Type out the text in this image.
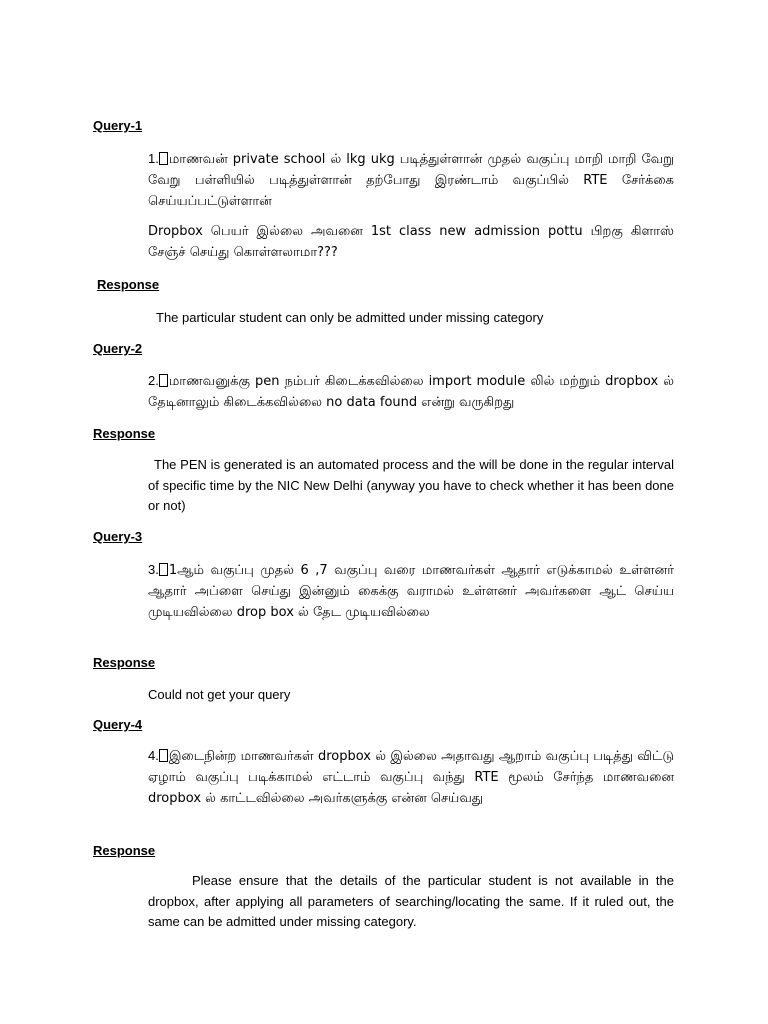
Query-1
1. மாணவன் private school ல் lkg ukg படித்துள்ளான் முதல் வகுப்பு மாறி மாறி வேறு வேறு பள்ளியில் படித்துள்ளான் தற்போது இரண்டாம் வகுப்பில் RTE சேர்க்கை செய்யப்பட்டுள்ளான்
Dropbox பெயர் இல்லை அவனை 1st class new admission pottu பிறகு கிளாஸ் சேஞ்ச் செய்து கொள்ளலாமா???
Response
The particular student can only be admitted under missing category
Query-2
2. மாணவனுக்கு pen நம்பர் கிடைக்கவில்லை import module லில் மற்றும் dropbox ல் தேடினாலும் கிடைக்கவில்லை no data found என்று வருகிறது
Response
The PEN is generated is an automated process and the will be done in the regular interval of specific time by the NIC New Delhi (anyway you have to check whether it has been done or not)
Query-3
3. 1ஆம் வகுப்பு முதல் 6 ,7 வகுப்பு வரை மாணவர்கள் ஆதார் எடுக்காமல் உள்ளனர் ஆதார் அப்ளை செய்து இன்னும் கைக்கு வராமல் உள்ளனர் அவர்களை ஆட் செய்ய முடியவில்லை drop box ல் தேட முடியவில்லை
Response
Could not get your query
Query-4
4. இடைநின்ற மாணவர்கள் dropbox ல் இல்லை அதாவது ஆறாம் வகுப்பு படித்து விட்டு ஏழாம் வகுப்பு படிக்காமல் எட்டாம் வகுப்பு வந்து RTE மூலம் சேர்ந்த மாணவனை dropbox ல் காட்டவில்லை அவர்களுக்கு என்ன செய்வது
Response
Please ensure that the details of the particular student is not available in the dropbox, after applying all parameters of searching/locating the same. If it ruled out, the same can be admitted under missing category.
